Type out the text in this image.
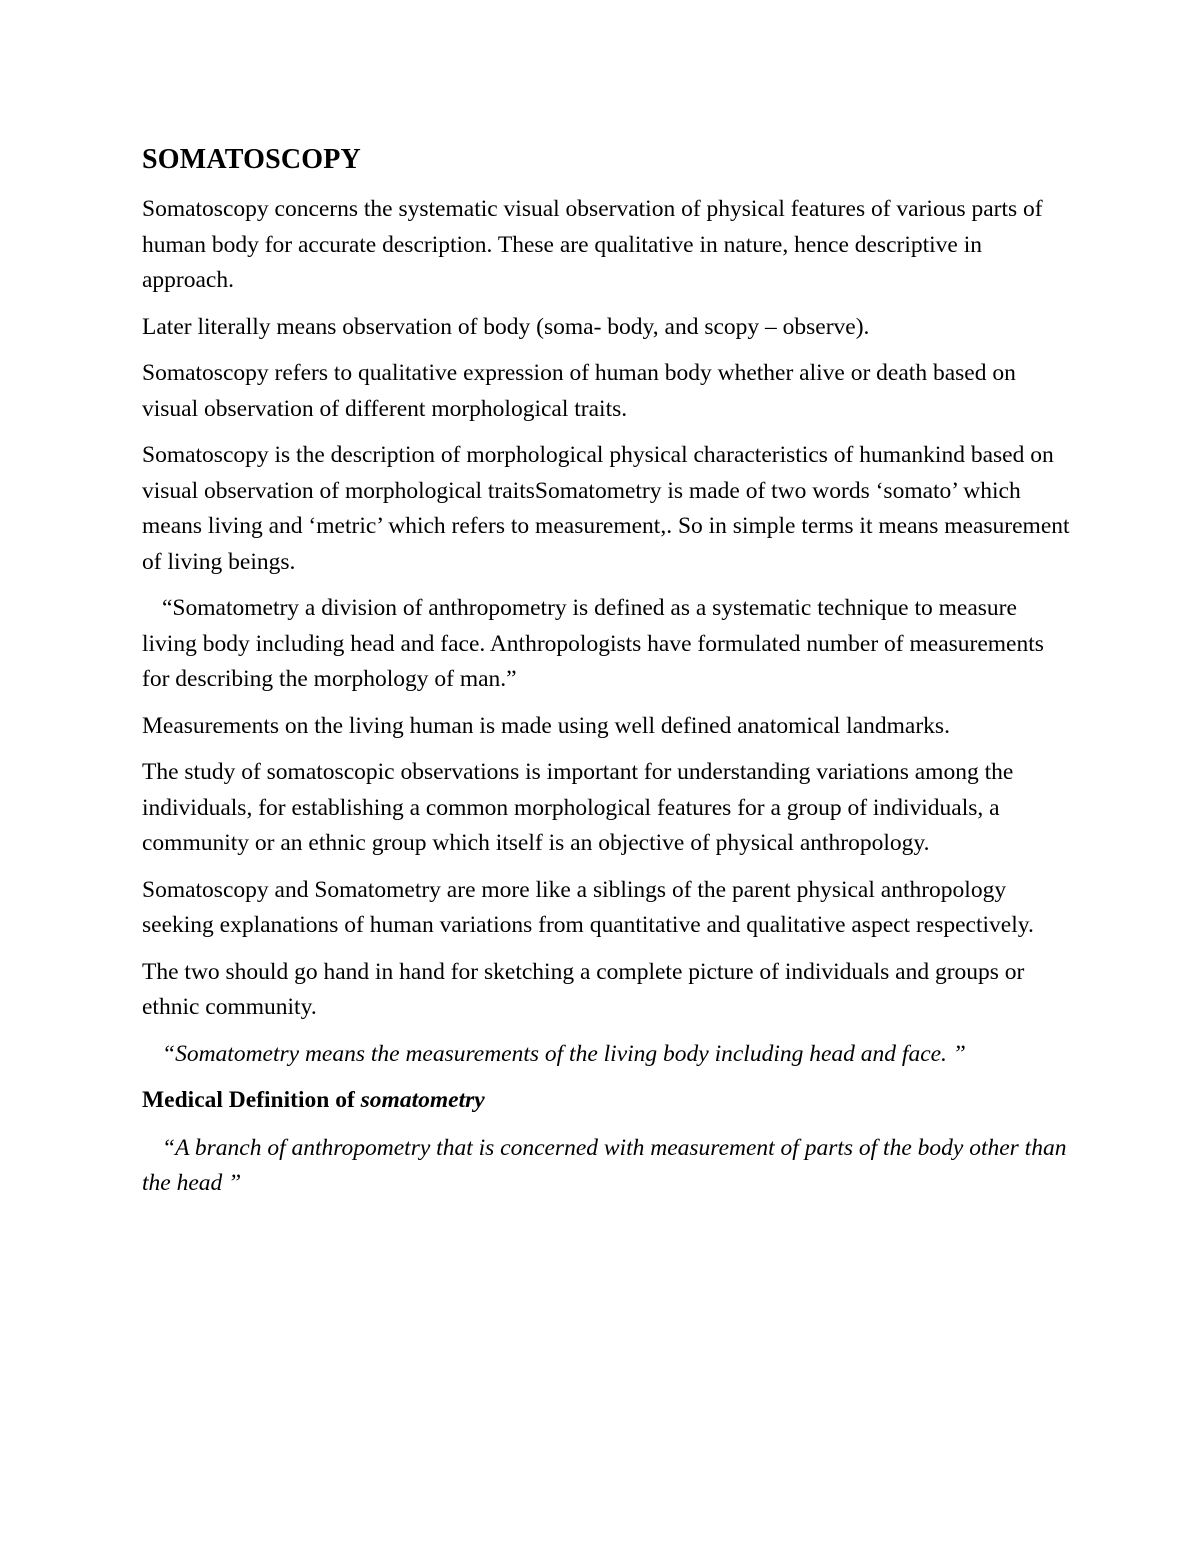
SOMATOSCOPY

Somatoscopy concerns the systematic visual observation of physical features of various parts of human body for accurate description. These are qualitative in nature, hence descriptive in approach.

Later literally means observation of body (soma- body, and scopy – observe).

Somatoscopy refers to qualitative expression of human body whether alive or death based on visual observation of different morphological traits.

Somatoscopy is the description of morphological physical characteristics of humankind based on visual observation of morphological traitsSomatometry is made of two words ‘somato’ which means living and ‘metric’ which refers to measurement,. So in simple terms it means measurement of living beings.

“Somatometry a division of anthropometry is defined as a systematic technique to measure living body including head and face. Anthropologists have formulated number of measurements for describing the morphology of man.”

Measurements on the living human is made using well defined anatomical landmarks.

The study of somatoscopic observations is important for understanding variations among the individuals, for establishing a common morphological features for a group of individuals, a community or an ethnic group which itself is an objective of physical anthropology.

Somatoscopy and Somatometry are more like a siblings of the parent physical anthropology seeking explanations of human variations from quantitative and qualitative aspect respectively.

The two should go hand in hand for sketching a complete picture of individuals and groups or ethnic community.

“Somatometry means the measurements of the living body including head and face. ”

Medical Definition of somatometry

“A branch of anthropometry that is concerned with measurement of parts of the body other than the head ”
